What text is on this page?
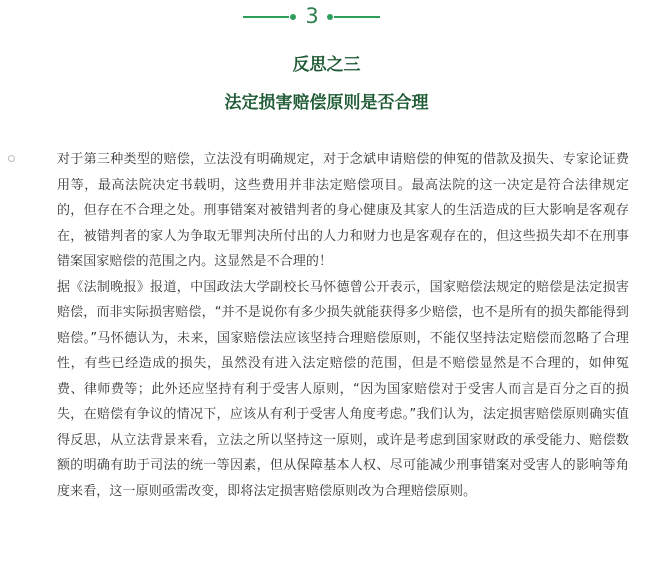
3
反思之三
法定损害赔偿原则是否合理

对于第三种类型的赔偿，立法没有明确规定，对于念斌申请赔偿的伸冤的借款及损失、专家论证费用等，最高法院决定书载明，这些费用并非法定赔偿项目。最高法院的这一决定是符合法律规定的，但存在不合理之处。刑事错案对被错判者的身心健康及其家人的生活造成的巨大影响是客观存在，被错判者的家人为争取无罪判决所付出的人力和财力也是客观存在的，但这些损失却不在刑事错案国家赔偿的范围之内。这显然是不合理的！

据《法制晚报》报道，中国政法大学副校长马怀德曾公开表示，国家赔偿法规定的赔偿是法定损害赔偿，而非实际损害赔偿，“并不是说你有多少损失就能获得多少赔偿，也不是所有的损失都能得到赔偿。”马怀德认为，未来，国家赔偿法应该坚持合理赔偿原则，不能仅坚持法定赔偿而忽略了合理性，有些已经造成的损失，虽然没有进入法定赔偿的范围，但是不赔偿显然是不合理的，如伸冤费、律师费等；此外还应坚持有利于受害人原则，“因为国家赔偿对于受害人而言是百分之百的损失，在赔偿有争议的情况下，应该从有利于受害人角度考虑。”我们认为，法定损害赔偿原则确实值得反思，从立法背景来看，立法之所以坚持这一原则，或许是考虑到国家财政的承受能力、赔偿数额的明确有助于司法的统一等因素，但从保障基本人权、尽可能减少刑事错案对受害人的影响等角度来看，这一原则亟需改变，即将法定损害赔偿原则改为合理赔偿原则。
